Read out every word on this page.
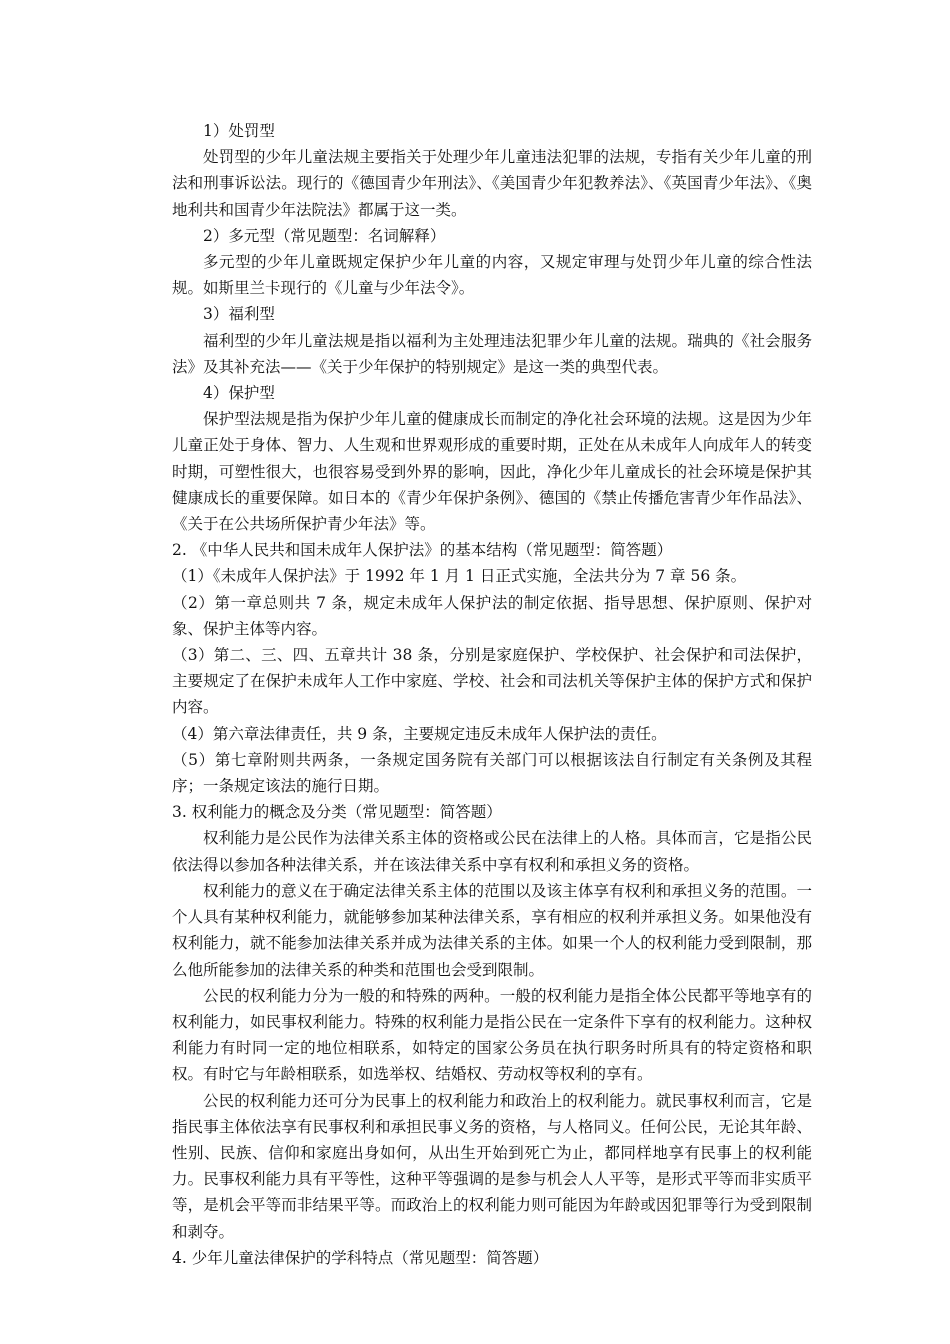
1）处罚型

处罚型的少年儿童法规主要指关于处理少年儿童违法犯罪的法规，专指有关少年儿童的刑法和刑事诉讼法。现行的《德国青少年刑法》、《美国青少年犯教养法》、《英国青少年法》、《奥地利共和国青少年法院法》都属于这一类。

2）多元型（常见题型：名词解释）

多元型的少年儿童既规定保护少年儿童的内容，又规定审理与处罚少年儿童的综合性法规。如斯里兰卡现行的《儿童与少年法令》。

3）福利型

福利型的少年儿童法规是指以福利为主处理违法犯罪少年儿童的法规。瑞典的《社会服务法》及其补充法——《关于少年保护的特别规定》是这一类的典型代表。

4）保护型

保护型法规是指为保护少年儿童的健康成长而制定的净化社会环境的法规。这是因为少年儿童正处于身体、智力、人生观和世界观形成的重要时期，正处在从未成年人向成年人的转变时期，可塑性很大，也很容易受到外界的影响，因此，净化少年儿童成长的社会环境是保护其健康成长的重要保障。如日本的《青少年保护条例》、德国的《禁止传播危害青少年作品法》、《关于在公共场所保护青少年法》等。

2. 《中华人民共和国未成年人保护法》的基本结构（常见题型：简答题）

（1）《未成年人保护法》于 1992 年 1 月 1 日正式实施，全法共分为 7 章 56 条。

（2）第一章总则共 7 条，规定未成年人保护法的制定依据、指导思想、保护原则、保护对象、保护主体等内容。

（3）第二、三、四、五章共计 38 条，分别是家庭保护、学校保护、社会保护和司法保护，主要规定了在保护未成年人工作中家庭、学校、社会和司法机关等保护主体的保护方式和保护内容。

（4）第六章法律责任，共 9 条，主要规定违反未成年人保护法的责任。

（5）第七章附则共两条，一条规定国务院有关部门可以根据该法自行制定有关条例及其程序；一条规定该法的施行日期。

3. 权利能力的概念及分类（常见题型：简答题）

权利能力是公民作为法律关系主体的资格或公民在法律上的人格。具体而言，它是指公民依法得以参加各种法律关系，并在该法律关系中享有权利和承担义务的资格。

权利能力的意义在于确定法律关系主体的范围以及该主体享有权利和承担义务的范围。一个人具有某种权利能力，就能够参加某种法律关系，享有相应的权利并承担义务。如果他没有权利能力，就不能参加法律关系并成为法律关系的主体。如果一个人的权利能力受到限制，那么他所能参加的法律关系的种类和范围也会受到限制。

公民的权利能力分为一般的和特殊的两种。一般的权利能力是指全体公民都平等地享有的权利能力，如民事权利能力。特殊的权利能力是指公民在一定条件下享有的权利能力。这种权利能力有时同一定的地位相联系，如特定的国家公务员在执行职务时所具有的特定资格和职权。有时它与年龄相联系，如选举权、结婚权、劳动权等权利的享有。

公民的权利能力还可分为民事上的权利能力和政治上的权利能力。就民事权利而言，它是指民事主体依法享有民事权利和承担民事义务的资格，与人格同义。任何公民，无论其年龄、性别、民族、信仰和家庭出身如何，从出生开始到死亡为止，都同样地享有民事上的权利能力。民事权利能力具有平等性，这种平等强调的是参与机会人人平等，是形式平等而非实质平等，是机会平等而非结果平等。而政治上的权利能力则可能因为年龄或因犯罪等行为受到限制和剥夺。

4. 少年儿童法律保护的学科特点（常见题型：简答题）
